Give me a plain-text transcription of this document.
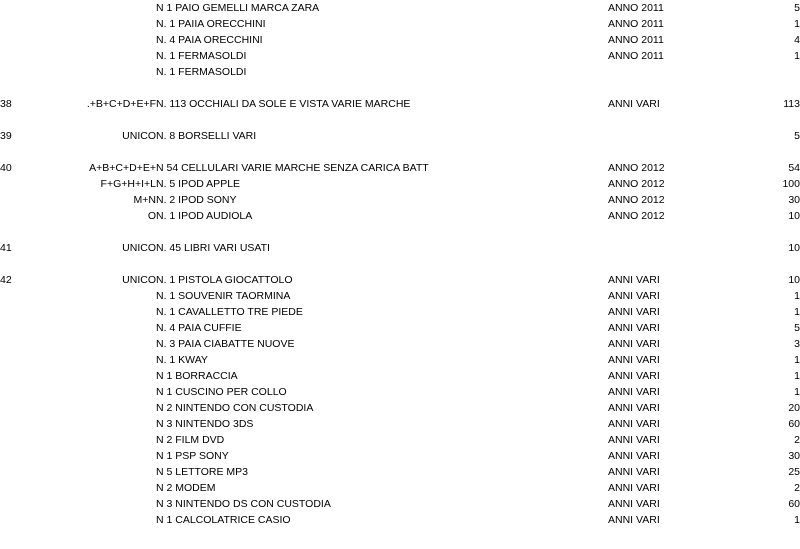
		N 1 PAIO GEMELLI MARCA ZARA	ANNO 2011	5
		N. 1 PAIIA ORECCHINI	ANNO 2011	1
		N. 4 PAIA ORECCHINI	ANNO 2011	4
		N. 1 FERMASOLDI	ANNO 2011	1
		N. 1 FERMASOLDI		

38	.+B+C+D+E+F	N. 113 OCCHIALI DA SOLE E VISTA VARIE MARCHE	ANNI VARI	113

39	UNICO	N. 8 BORSELLI VARI		5

40	A+B+C+D+E+	N 54 CELLULARI VARIE MARCHE SENZA CARICA BATT	ANNO 2012	54
	F+G+H+I+L	N. 5 IPOD APPLE	ANNO 2012	100
	M+N	N. 2 IPOD SONY	ANNO 2012	30
	O	N. 1 IPOD AUDIOLA	ANNO 2012	10

41	UNICO	N. 45 LIBRI VARI USATI		10

42	UNICO	N. 1 PISTOLA GIOCATTOLO	ANNI VARI	10
		N. 1 SOUVENIR TAORMINA	ANNI VARI	1
		N. 1 CAVALLETTO TRE PIEDE	ANNI VARI	1
		N. 4 PAIA CUFFIE	ANNI VARI	5
		N. 3 PAIA CIABATTE NUOVE	ANNI VARI	3
		N. 1 KWAY	ANNI VARI	1
		N 1 BORRACCIA	ANNI VARI	1
		N 1 CUSCINO PER COLLO	ANNI VARI	1
		N 2 NINTENDO CON CUSTODIA	ANNI VARI	20
		N 3 NINTENDO 3DS	ANNI VARI	60
		N 2 FILM DVD	ANNI VARI	2
		N 1 PSP SONY	ANNI VARI	30
		N 5 LETTORE MP3	ANNI VARI	25
		N 2 MODEM	ANNI VARI	2
		N 3 NINTENDO DS CON CUSTODIA	ANNI VARI	60
		N 1 CALCOLATRICE CASIO	ANNI VARI	1
